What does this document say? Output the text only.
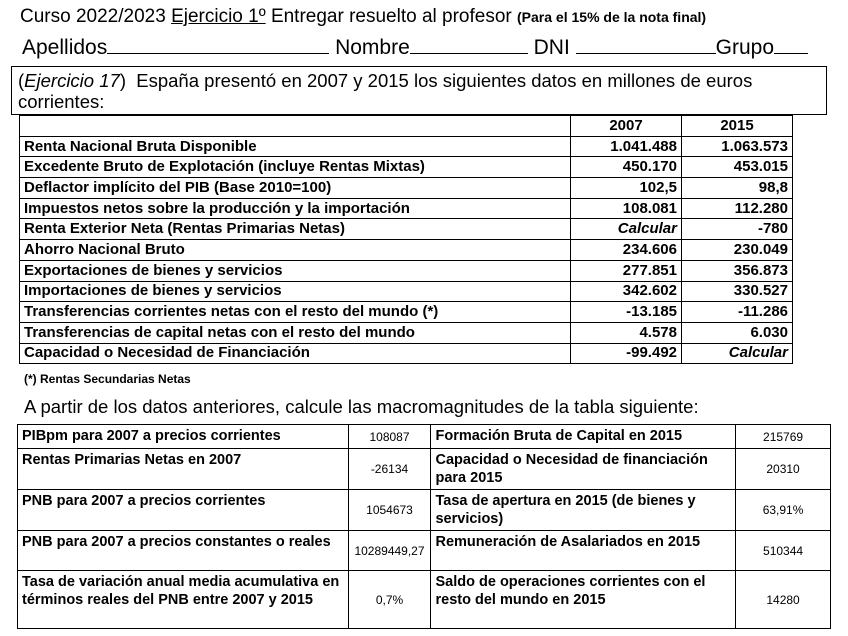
Curso 2022/2023 Ejercicio 1º Entregar resuelto al profesor (Para el 15% de la nota final)
Apellidos	Nombre	DNI	Grupo
(Ejercicio 17)  España presentó en 2007 y 2015 los siguientes datos en millones de euros corrientes:
	2007	2015
Renta Nacional Bruta Disponible	1.041.488	1.063.573
Excedente Bruto de Explotación (incluye Rentas Mixtas)	450.170	453.015
Deflactor implícito del PIB (Base 2010=100)	102,5	98,8
Impuestos netos sobre la producción y la importación	108.081	112.280
Renta Exterior Neta (Rentas Primarias Netas)	Calcular	-780
Ahorro Nacional Bruto	234.606	230.049
Exportaciones de bienes y servicios	277.851	356.873
Importaciones de bienes y servicios	342.602	330.527
Transferencias corrientes netas con el resto del mundo (*)	-13.185	-11.286
Transferencias de capital netas con el resto del mundo	4.578	6.030
Capacidad o Necesidad de Financiación	-99.492	Calcular
(*) Rentas Secundarias Netas
A partir de los datos anteriores, calcule las macromagnitudes de la tabla siguiente:
PIBpm para 2007 a precios corrientes	108087	Formación Bruta de Capital en 2015	215769
Rentas Primarias Netas en 2007	-26134	Capacidad o Necesidad de financiación para 2015	20310
PNB para 2007 a precios corrientes	1054673	Tasa de apertura en 2015 (de bienes y servicios)	63,91%
PNB para 2007 a precios constantes o reales	10289449,27	Remuneración de Asalariados en 2015	510344
Tasa de variación anual media acumulativa en términos reales del PNB entre 2007 y 2015	0,7%	Saldo de operaciones corrientes con el resto del mundo en 2015	14280
